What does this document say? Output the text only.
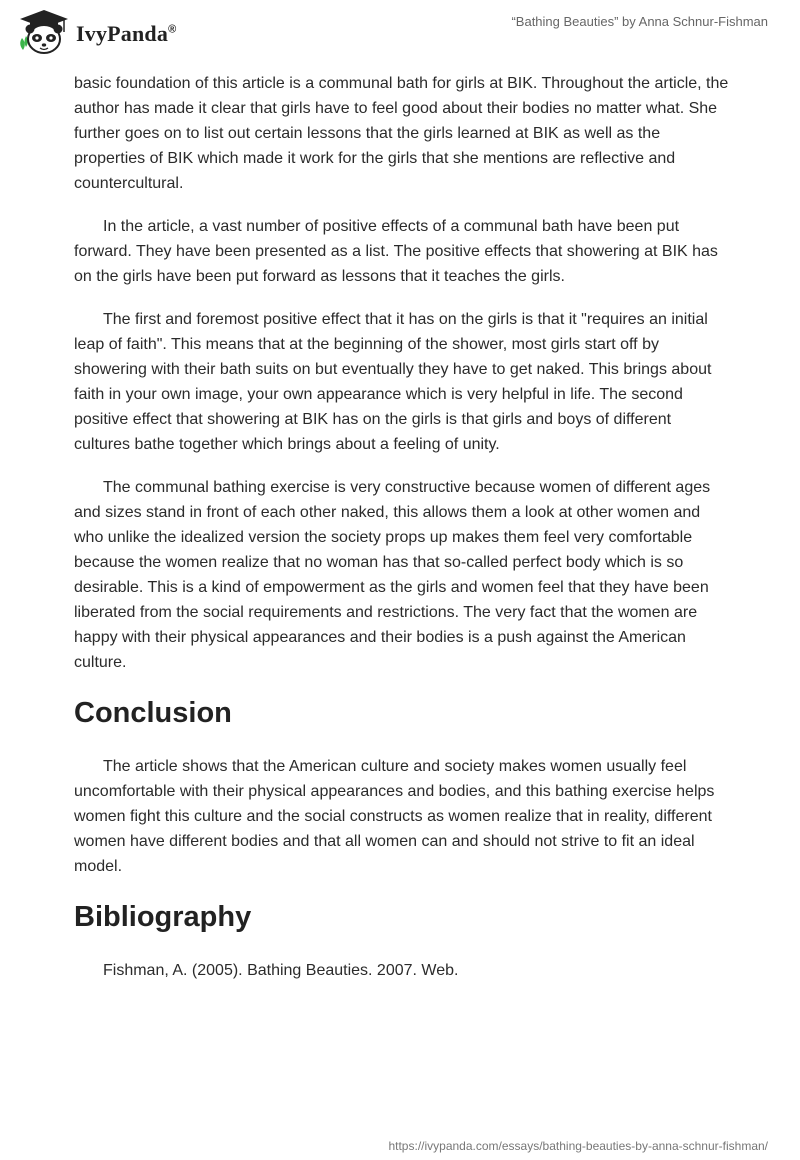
IvyPanda®
“Bathing Beauties” by Anna Schnur-Fishman

basic foundation of this article is a communal bath for girls at BIK. Throughout the article, the author has made it clear that girls have to feel good about their bodies no matter what. She further goes on to list out certain lessons that the girls learned at BIK as well as the properties of BIK which made it work for the girls that she mentions are reflective and countercultural.

In the article, a vast number of positive effects of a communal bath have been put forward. They have been presented as a list. The positive effects that showering at BIK has on the girls have been put forward as lessons that it teaches the girls.

The first and foremost positive effect that it has on the girls is that it "requires an initial leap of faith". This means that at the beginning of the shower, most girls start off by showering with their bath suits on but eventually they have to get naked. This brings about faith in your own image, your own appearance which is very helpful in life. The second positive effect that showering at BIK has on the girls is that girls and boys of different cultures bathe together which brings about a feeling of unity.

The communal bathing exercise is very constructive because women of different ages and sizes stand in front of each other naked, this allows them a look at other women and who unlike the idealized version the society props up makes them feel very comfortable because the women realize that no woman has that so-called perfect body which is so desirable. This is a kind of empowerment as the girls and women feel that they have been liberated from the social requirements and restrictions. The very fact that the women are happy with their physical appearances and their bodies is a push against the American culture.

Conclusion

The article shows that the American culture and society makes women usually feel uncomfortable with their physical appearances and bodies, and this bathing exercise helps women fight this culture and the social constructs as women realize that in reality, different women have different bodies and that all women can and should not strive to fit an ideal model.

Bibliography

Fishman, A. (2005). Bathing Beauties. 2007. Web.

https://ivypanda.com/essays/bathing-beauties-by-anna-schnur-fishman/
